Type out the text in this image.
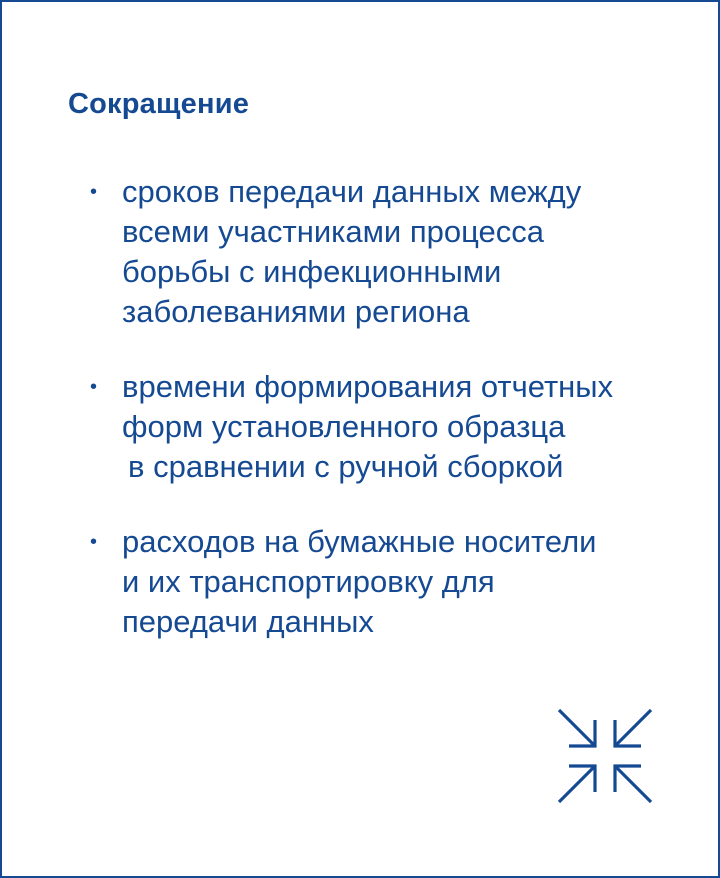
Сокращение
• сроков передачи данных между
всеми участниками процесса
борьбы с инфекционными
заболеваниями региона
• времени формирования отчетных
форм установленного образца
в сравнении с ручной сборкой
• расходов на бумажные носители
и их транспортировку для
передачи данных
